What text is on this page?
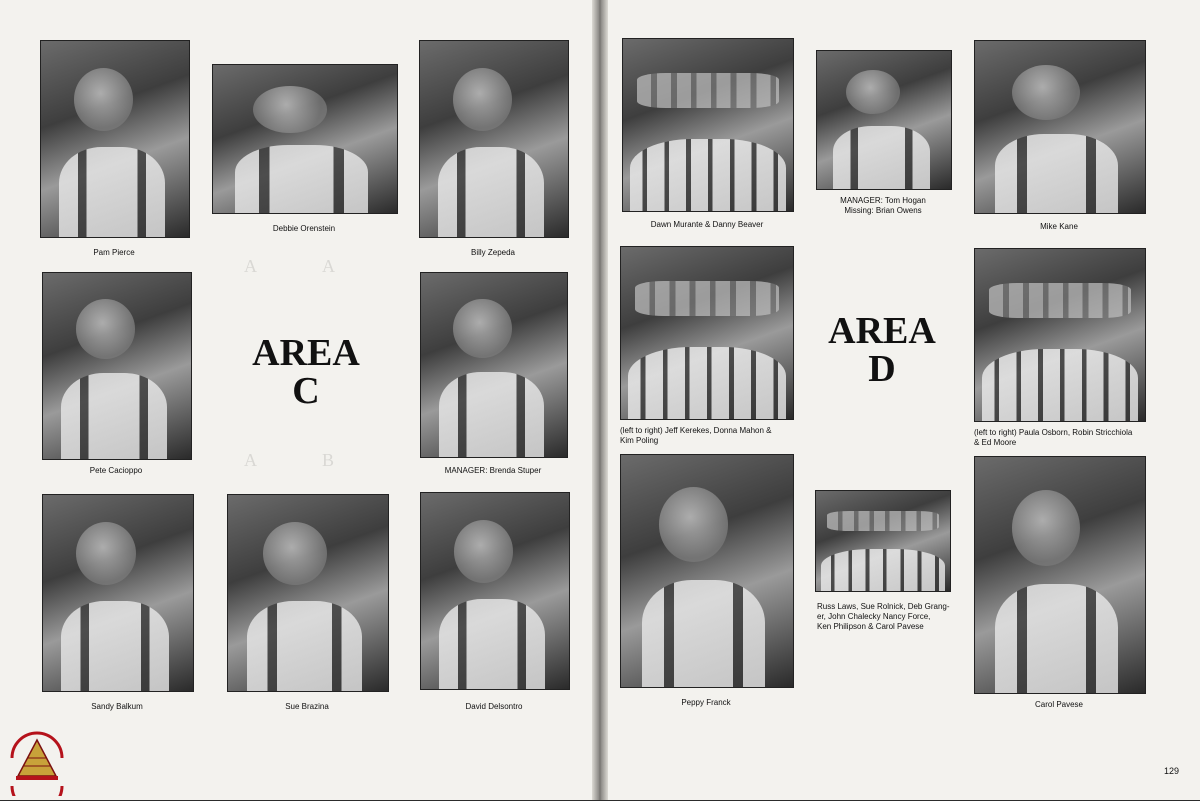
Pam Pierce
Debbie Orenstein
Billy Zepeda
Pete Cacioppo
A	A
A	B
AREA
C
MANAGER: Brenda Stuper
Sandy Balkum	Sue Brazina	David Delsontro
Dawn Murante & Danny Beaver
MANAGER: Tom Hogan
Missing: Brian Owens
Mike Kane
(left to right) Jeff Kerekes, Donna Mahon &
Kim Poling
AREA
D
(left to right) Paula Osborn, Robin Stricchiola
& Ed Moore
Peppy Franck
Russ Laws, Sue Rolnick, Deb Grang-
er, John Chalecky Nancy Force,
Ken Philipson & Carol Pavese
Carol Pavese
129
